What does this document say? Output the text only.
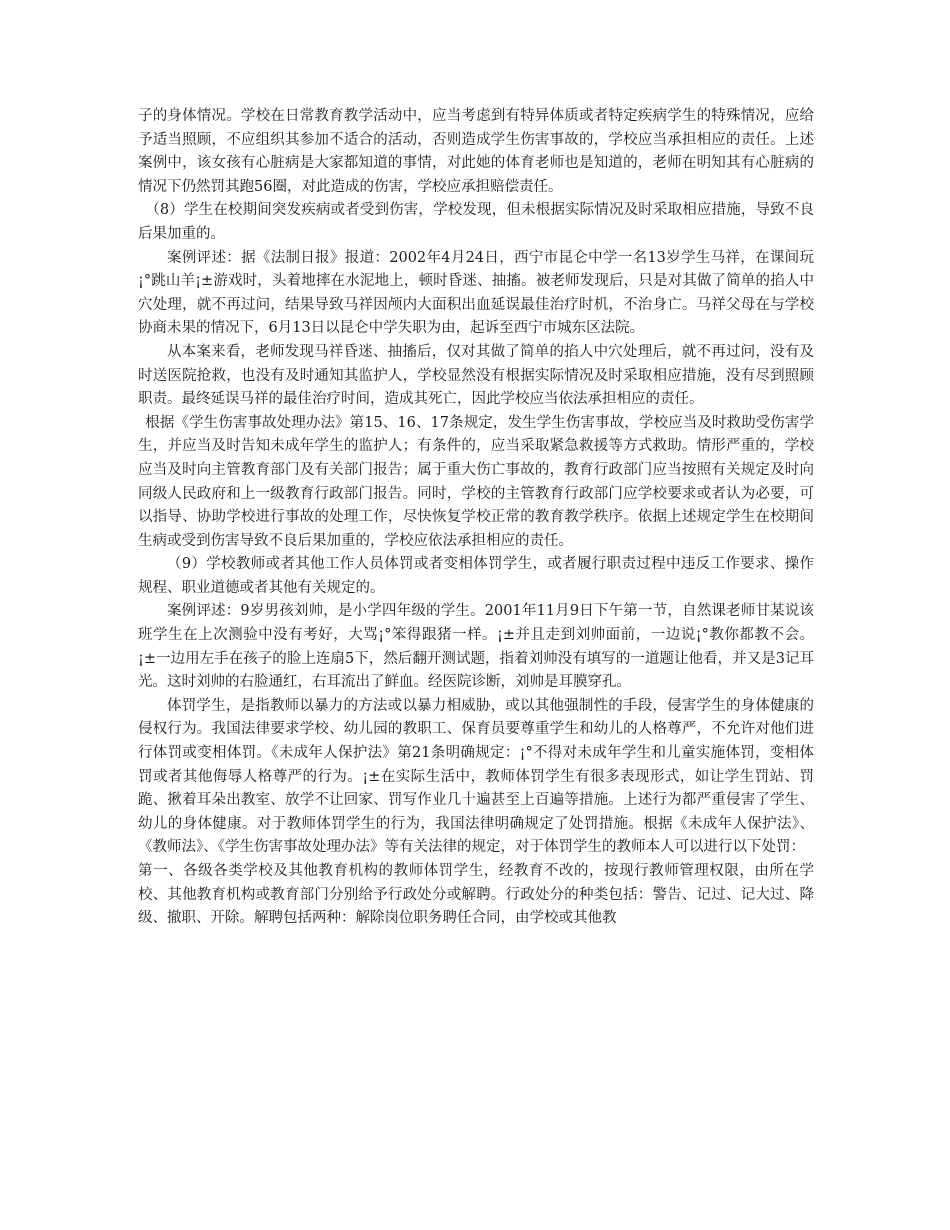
子的身体情况。学校在日常教育教学活动中，应当考虑到有特异体质或者特定疾病学生的特殊情况，应给予适当照顾，不应组织其参加不适合的活动，否则造成学生伤害事故的，学校应当承担相应的责任。上述案例中，该女孩有心脏病是大家都知道的事情，对此她的体育老师也是知道的，老师在明知其有心脏病的情况下仍然罚其跑56圈，对此造成的伤害，学校应承担赔偿责任。

（8）学生在校期间突发疾病或者受到伤害，学校发现，但未根据实际情况及时采取相应措施，导致不良后果加重的。

案例评述：据《法制日报》报道：2002年4月24日，西宁市昆仑中学一名13岁学生马祥，在课间玩¡°跳山羊¡±游戏时，头着地摔在水泥地上，顿时昏迷、抽搐。被老师发现后，只是对其做了简单的掐人中穴处理，就不再过问，结果导致马祥因颅内大面积出血延误最佳治疗时机，不治身亡。马祥父母在与学校协商未果的情况下，6月13日以昆仑中学失职为由，起诉至西宁市城东区法院。

从本案来看，老师发现马祥昏迷、抽搐后，仅对其做了简单的掐人中穴处理后，就不再过问，没有及时送医院抢救，也没有及时通知其监护人，学校显然没有根据实际情况及时采取相应措施，没有尽到照顾职责。最终延误马祥的最佳治疗时间，造成其死亡，因此学校应当依法承担相应的责任。

根据《学生伤害事故处理办法》第15、16、17条规定，发生学生伤害事故，学校应当及时救助受伤害学生，并应当及时告知未成年学生的监护人；有条件的，应当采取紧急救援等方式救助。情形严重的，学校应当及时向主管教育部门及有关部门报告；属于重大伤亡事故的，教育行政部门应当按照有关规定及时向同级人民政府和上一级教育行政部门报告。同时，学校的主管教育行政部门应学校要求或者认为必要，可以指导、协助学校进行事故的处理工作，尽快恢复学校正常的教育教学秩序。依据上述规定学生在校期间生病或受到伤害导致不良后果加重的，学校应依法承担相应的责任。

（9）学校教师或者其他工作人员体罚或者变相体罚学生，或者履行职责过程中违反工作要求、操作规程、职业道德或者其他有关规定的。

案例评述：9岁男孩刘帅，是小学四年级的学生。2001年11月9日下午第一节，自然课老师甘某说该班学生在上次测验中没有考好，大骂¡°笨得跟猪一样。¡±并且走到刘帅面前，一边说¡°教你都教不会。¡±一边用左手在孩子的脸上连扇5下，然后翻开测试题，指着刘帅没有填写的一道题让他看，并又是3记耳光。这时刘帅的右脸通红，右耳流出了鲜血。经医院诊断，刘帅是耳膜穿孔。

体罚学生，是指教师以暴力的方法或以暴力相威胁，或以其他强制性的手段，侵害学生的身体健康的侵权行为。我国法律要求学校、幼儿园的教职工、保育员要尊重学生和幼儿的人格尊严，不允许对他们进行体罚或变相体罚。《未成年人保护法》第21条明确规定：¡°不得对未成年学生和儿童实施体罚，变相体罚或者其他侮辱人格尊严的行为。¡±在实际生活中，教师体罚学生有很多表现形式，如让学生罚站、罚跪、揪着耳朵出教室、放学不让回家、罚写作业几十遍甚至上百遍等措施。上述行为都严重侵害了学生、幼儿的身体健康。对于教师体罚学生的行为，我国法律明确规定了处罚措施。根据《未成年人保护法》、《教师法》、《学生伤害事故处理办法》等有关法律的规定，对于体罚学生的教师本人可以进行以下处罚：

第一、各级各类学校及其他教育机构的教师体罚学生，经教育不改的，按现行教师管理权限，由所在学校、其他教育机构或教育部门分别给予行政处分或解聘。行政处分的种类包括：警告、记过、记大过、降级、撤职、开除。解聘包括两种：解除岗位职务聘任合同，由学校或其他教
